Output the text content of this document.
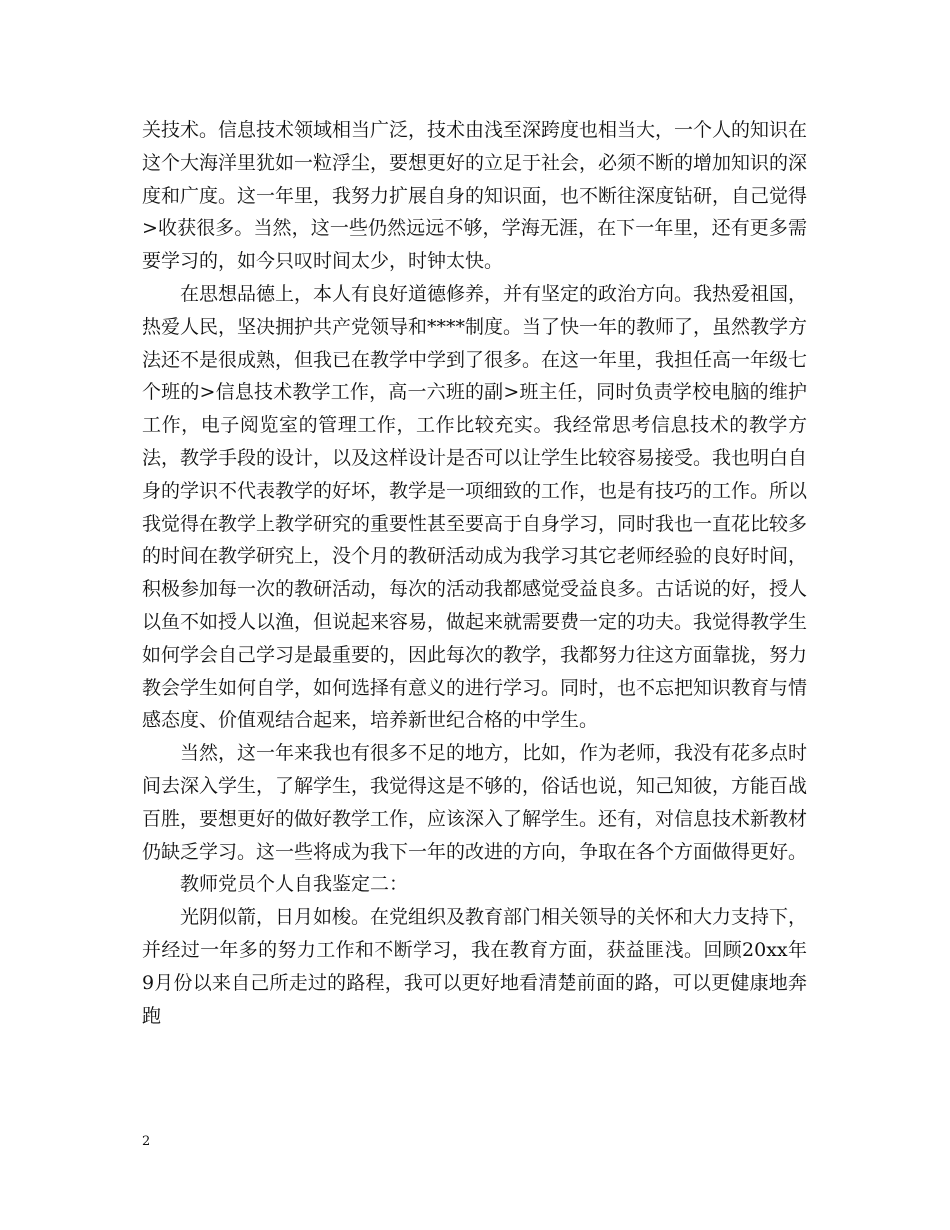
关技术。信息技术领域相当广泛，技术由浅至深跨度也相当大，一个人的知识在这个大海洋里犹如一粒浮尘，要想更好的立足于社会，必须不断的增加知识的深度和广度。这一年里，我努力扩展自身的知识面，也不断往深度钻研，自己觉得>收获很多。当然，这一些仍然远远不够，学海无涯，在下一年里，还有更多需要学习的，如今只叹时间太少，时钟太快。

在思想品德上，本人有良好道德修养，并有坚定的政治方向。我热爱祖国，热爱人民，坚决拥护共产党领导和****制度。当了快一年的教师了，虽然教学方法还不是很成熟，但我已在教学中学到了很多。在这一年里，我担任高一年级七个班的>信息技术教学工作，高一六班的副>班主任，同时负责学校电脑的维护工作，电子阅览室的管理工作，工作比较充实。我经常思考信息技术的教学方法，教学手段的设计，以及这样设计是否可以让学生比较容易接受。我也明白自身的学识不代表教学的好坏，教学是一项细致的工作，也是有技巧的工作。所以我觉得在教学上教学研究的重要性甚至要高于自身学习，同时我也一直花比较多的时间在教学研究上，没个月的教研活动成为我学习其它老师经验的良好时间，积极参加每一次的教研活动，每次的活动我都感觉受益良多。古话说的好，授人以鱼不如授人以渔，但说起来容易，做起来就需要费一定的功夫。我觉得教学生如何学会自己学习是最重要的，因此每次的教学，我都努力往这方面靠拢，努力教会学生如何自学，如何选择有意义的进行学习。同时，也不忘把知识教育与情感态度、价值观结合起来，培养新世纪合格的中学生。

当然，这一年来我也有很多不足的地方，比如，作为老师，我没有花多点时间去深入学生，了解学生，我觉得这是不够的，俗话也说，知己知彼，方能百战百胜，要想更好的做好教学工作，应该深入了解学生。还有，对信息技术新教材仍缺乏学习。这一些将成为我下一年的改进的方向，争取在各个方面做得更好。

教师党员个人自我鉴定二：

光阴似箭，日月如梭。在党组织及教育部门相关领导的关怀和大力支持下，并经过一年多的努力工作和不断学习，我在教育方面，获益匪浅。回顾20xx年9月份以来自己所走过的路程，我可以更好地看清楚前面的路，可以更健康地奔跑

2
